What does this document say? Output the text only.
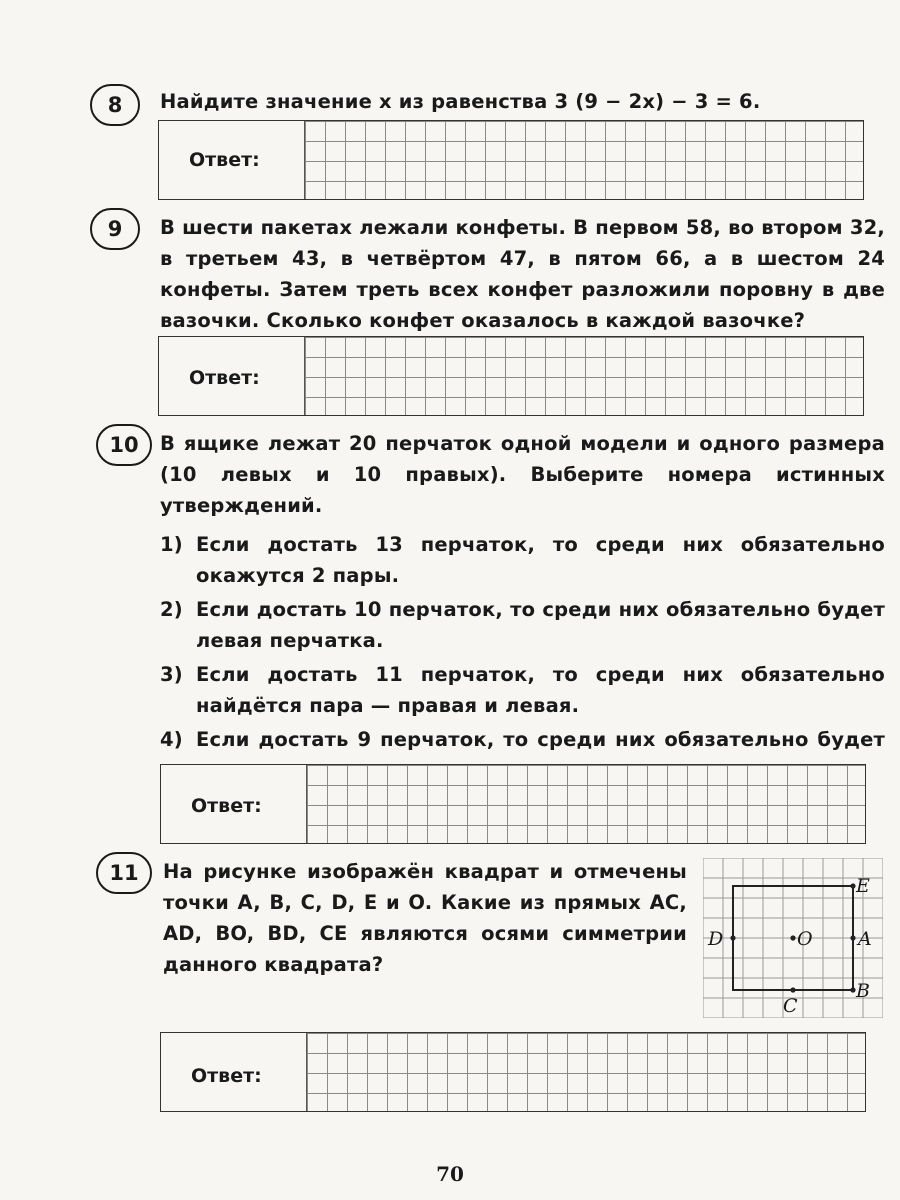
8	Найдите значение x из равенства 3 (9 − 2x) − 3 = 6.

Ответ:
9	В шести пакетах лежали конфеты. В первом 58, во втором 32, в третьем 43, в четвёртом 47, в пятом 66, а в шестом 24 конфеты. Затем треть всех конфет разложили поровну в две вазочки. Сколько конфет оказалось в каждой вазочке?

Ответ:
10	В ящике лежат 20 перчаток одной модели и одного размера (10 левых и 10 правых). Выберите номера истинных утверждений.

1) Если достать 13 перчаток, то среди них обязательно окажутся 2 пары.
2) Если достать 10 перчаток, то среди них обязательно будет левая перчатка.
3) Если достать 11 перчаток, то среди них обязательно найдётся пара — правая и левая.
4) Если достать 9 перчаток, то среди них обязательно будет
Ответ:
11	На рисунке изображён квадрат и отмечены точки A, B, C, D, E и O. Какие из прямых AC, AD, BO, BD, CE являются осями симметрии данного квадрата?

E
A
B
D	O
C
Ответ:
70
